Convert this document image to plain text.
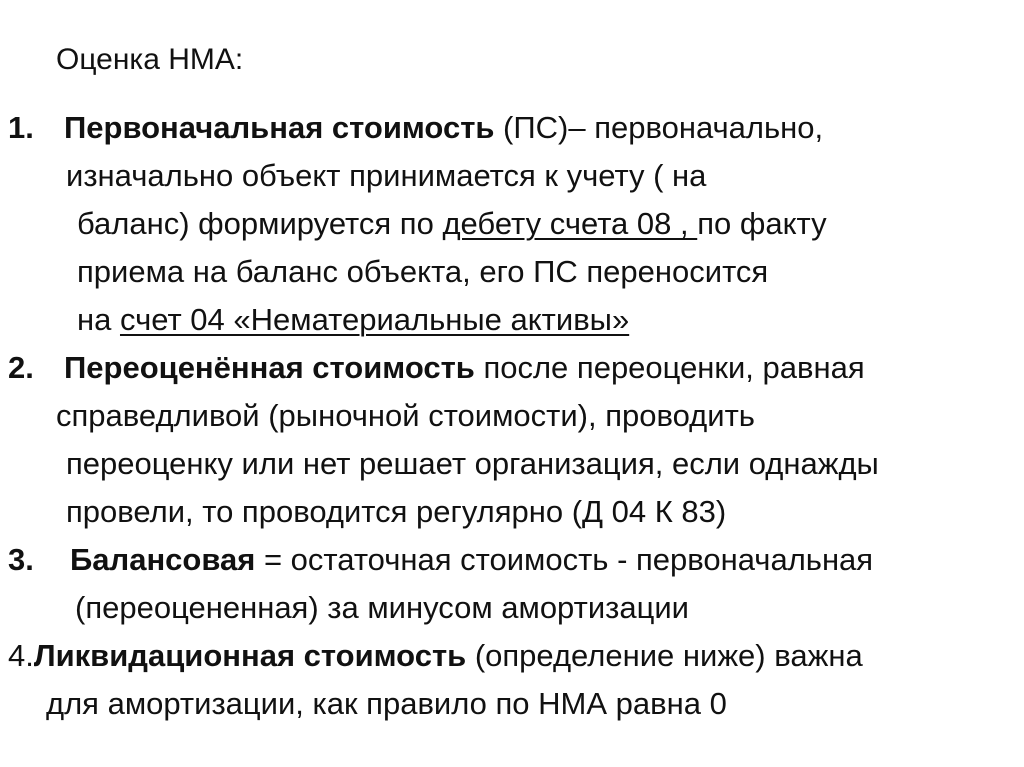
Оценка НМА:
1. Первоначальная стоимость (ПС)– первоначально,
изначально объект принимается к учету ( на
баланс) формируется по дебету счета 08 , по факту
приема на баланс объекта, его ПС переносится
на счет 04 «Нематериальные активы»
2. Переоценённая стоимость после переоценки, равная
справедливой (рыночной стоимости), проводить
переоценку или нет решает организация, если однажды
провели, то проводится регулярно (Д 04 К 83)
3. Балансовая = остаточная стоимость - первоначальная
(переоцененная) за минусом амортизации
4.Ликвидационная стоимость (определение ниже) важна
для амортизации, как правило по НМА равна 0
